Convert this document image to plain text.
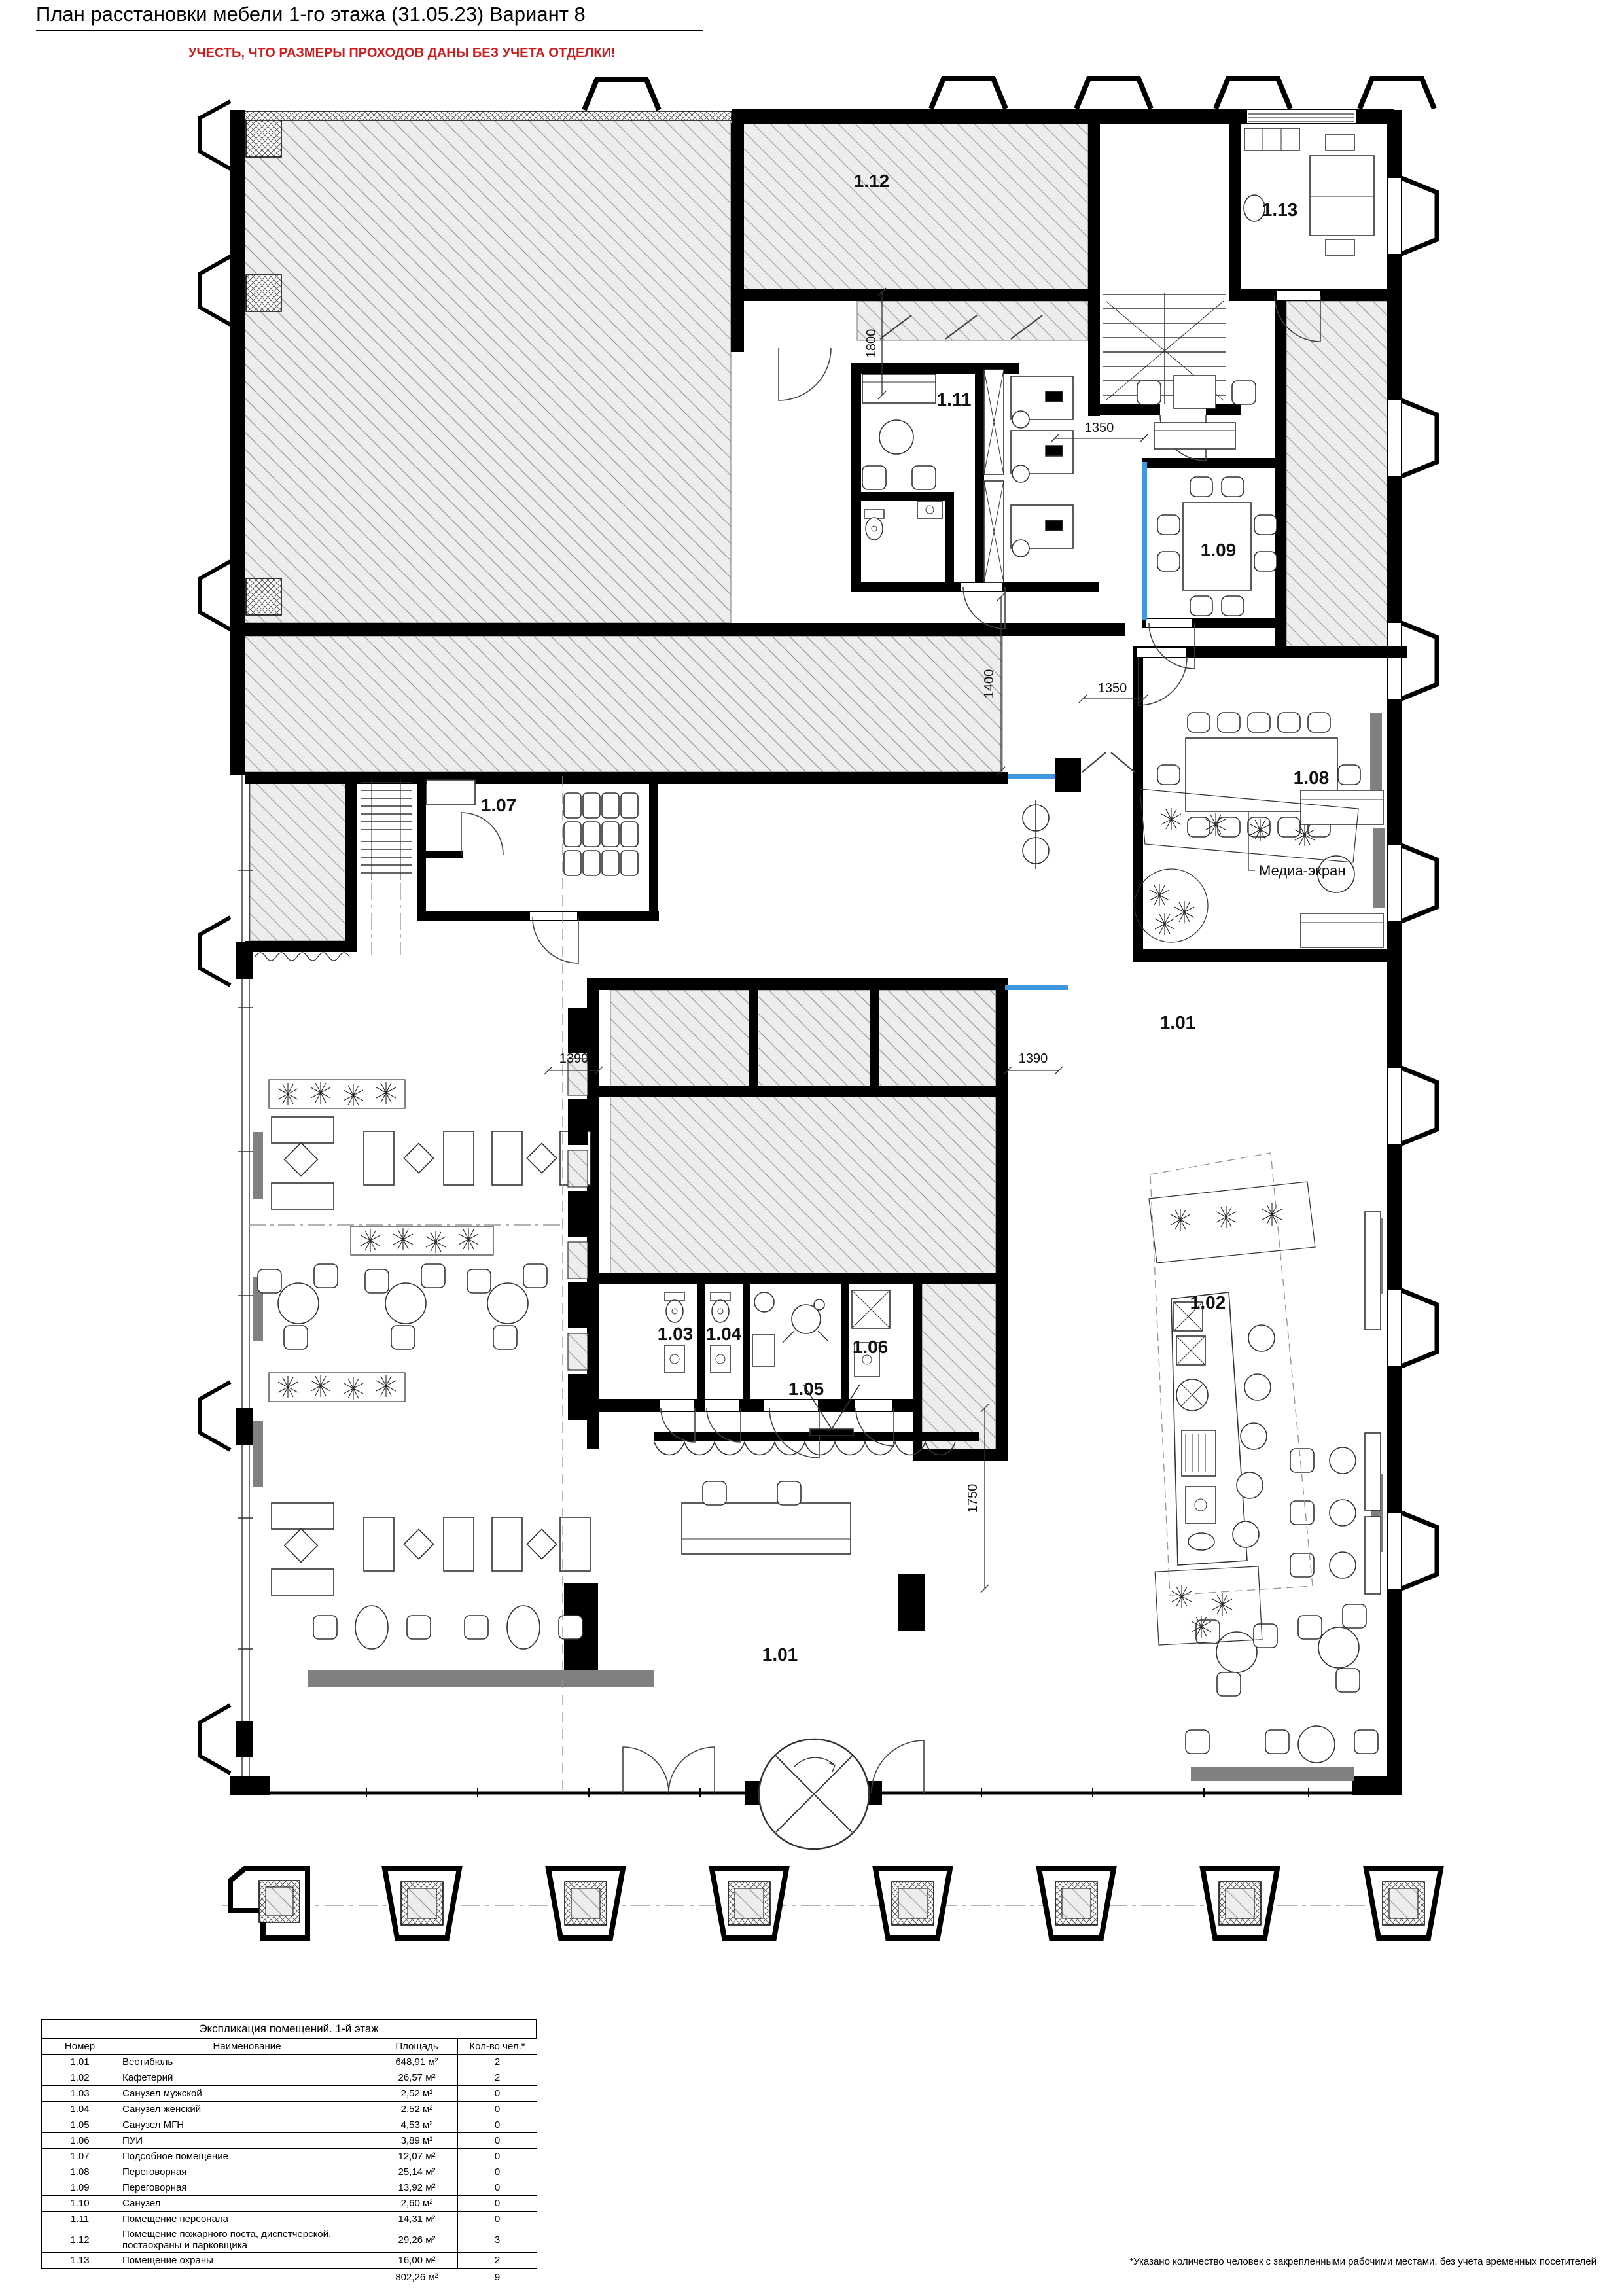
План расстановки мебели 1-го этажа (31.05.23) Вариант 8
УЧЕСТЬ, ЧТО РАЗМЕРЫ ПРОХОДОВ ДАНЫ БЕЗ УЧЕТА ОТДЕЛКИ!
1350
1350
1800
1400
1390	1390
1750
Медиа-экран
1.12
1.13
1.11
1.09
1.08
1.07
1.01
1.03 1.04
1.05
1.06
1.02
1.01
Экспликация помещений. 1-й этаж
Номер	Наименование	Площадь	Кол-во чел.*
1.01	Вестибюль	648,91 м²	2
1.02	Кафетерий	26,57 м²	2
1.03	Санузел мужской	2,52 м²	0
1.04	Санузел женский	2,52 м²	0
1.05	Санузел МГН	4,53 м²	0
1.06	ПУИ	3,89 м²	0
1.07	Подсобное помещение	12,07 м²	0
1.08	Переговорная	25,14 м²	0
1.09	Переговорная	13,92 м²	0
1.10	Санузел	2,60 м²	0
1.11	Помещение персонала	14,31 м²	0
1.12	Помещение пожарного поста, диспетчерской, постаохраны и парковщика	29,26 м²	3
1.13	Помещение охраны	16,00 м²	2
		802,26 м²	9
*Указано количество человек с закрепленными рабочими местами, без учета временных посетителей
